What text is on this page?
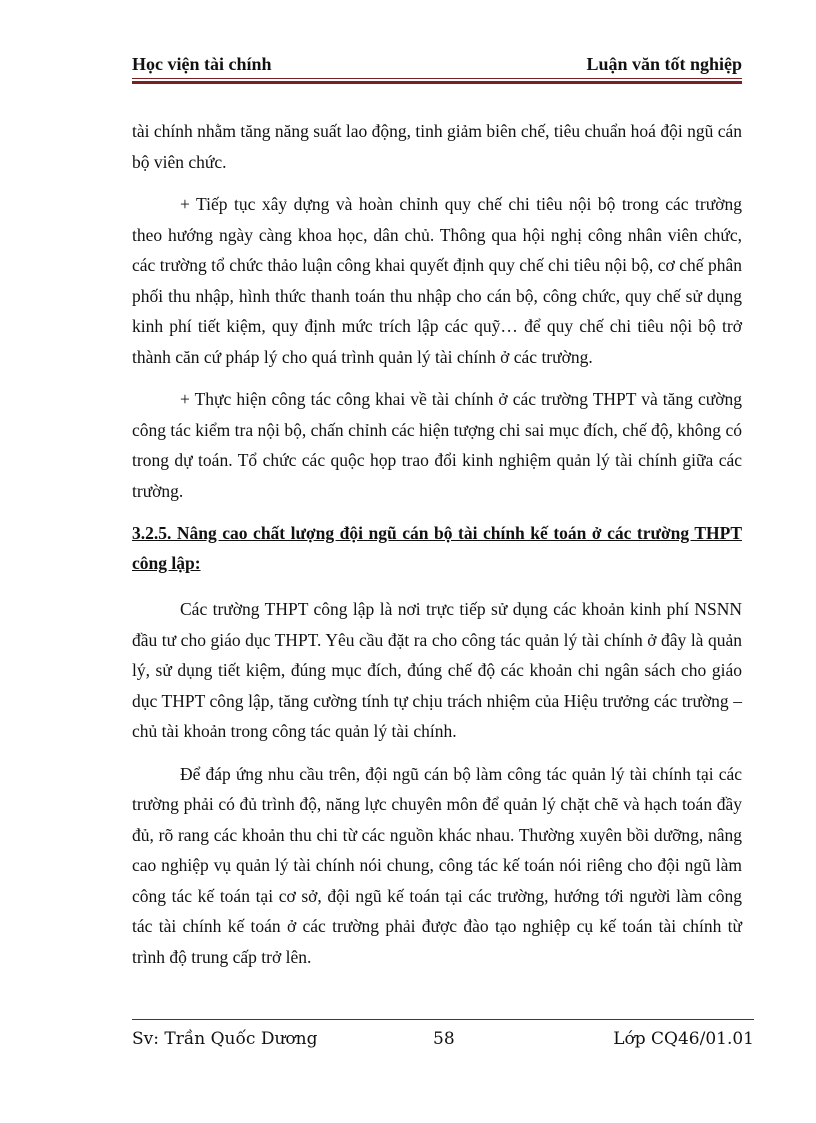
Học viện tài chính	Luận văn tốt nghiệp

tài chính nhằm tăng năng suất lao động, tinh giảm biên chế, tiêu chuẩn hoá đội ngũ cán bộ viên chức.

+ Tiếp tục xây dựng và hoàn chỉnh quy chế chi tiêu nội bộ trong các trường theo hướng ngày càng khoa học, dân chủ. Thông qua hội nghị công nhân viên chức, các trường tổ chức thảo luận công khai quyết định quy chế chi tiêu nội bộ, cơ chế phân phối thu nhập, hình thức thanh toán thu nhập cho cán bộ, công chức, quy chế sử dụng kinh phí tiết kiệm, quy định mức trích lập các quỹ… để quy chế chi tiêu nội bộ trở thành căn cứ pháp lý cho quá trình quản lý tài chính ở các trường.

+ Thực hiện công tác công khai về tài chính ở các trường THPT và tăng cường công tác kiểm tra nội bộ, chấn chỉnh các hiện tượng chi sai mục đích, chế độ, không có trong dự toán. Tổ chức các quộc họp trao đổi kinh nghiệm quản lý tài chính giữa các trường.

3.2.5. Nâng cao chất lượng đội ngũ cán bộ tài chính kế toán ở các trường THPT công lập:

Các trường THPT công lập là nơi trực tiếp sử dụng các khoản kinh phí NSNN đầu tư cho giáo dục THPT. Yêu cầu đặt ra cho công tác quản lý tài chính ở đây là quản lý, sử dụng tiết kiệm, đúng mục đích, đúng chế độ các khoản chi ngân sách cho giáo dục THPT công lập, tăng cường tính tự chịu trách nhiệm của Hiệu trưởng các trường – chủ tài khoản trong công tác quản lý tài chính.

Để đáp ứng nhu cầu trên, đội ngũ cán bộ làm công tác quản lý tài chính tại các trường phải có đủ trình độ, năng lực chuyên môn để quản lý chặt chẽ và hạch toán đầy đủ, rõ rang các khoản thu chi từ các nguồn khác nhau. Thường xuyên bồi dưỡng, nâng cao nghiệp vụ quản lý tài chính nói chung, công tác kế toán nói riêng cho đội ngũ làm công tác kế toán tại cơ sở, đội ngũ kế toán tại các trường, hướng tới người làm công tác tài chính kế toán ở các trường phải được đào tạo nghiệp cụ kế toán tài chính từ trình độ trung cấp trở lên.

Sv: Trần Quốc Dương	58	Lớp CQ46/01.01
